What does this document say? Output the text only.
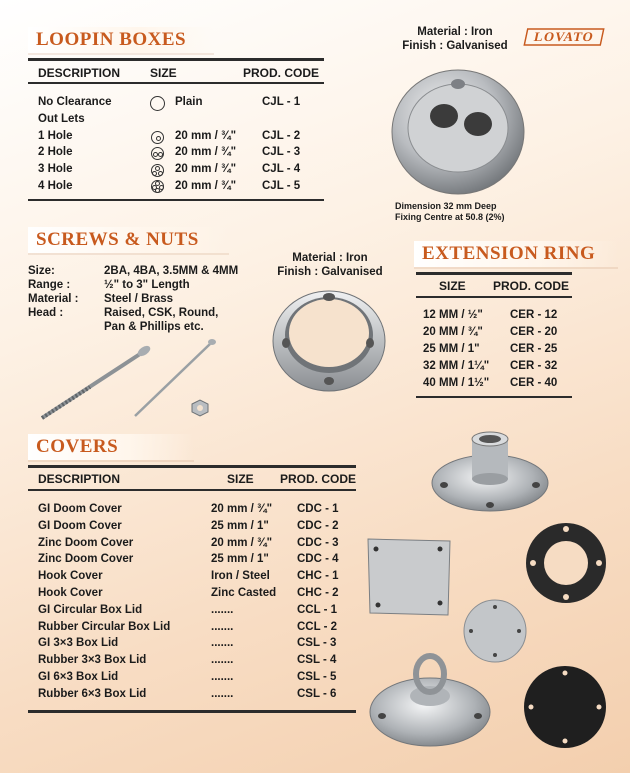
LOOPIN BOXES	Material : Iron
Finish : Galvanised
LOVATO
DESCRIPTION SIZE	PROD. CODE
No Clearance	Plain	CJL - 1
Out Lets
1 Hole	20 mm / ¾" CJL - 2
2 Hole	20 mm / ¾" CJL - 3
3 Hole	20 mm / ¾" CJL - 4
4 Hole	20 mm / ¾" CJL - 5
Dimension 32 mm Deep
Fixing Centre at 50.8 (2%)
SCREWS & NUTS
Size:	2BA, 4BA, 3.5MM & 4MM
Range :	½" to 3" Length
Material : Steel / Brass
Head :	Raised, CSK, Round,
Pan & Phillips etc.
Material : Iron
Finish : Galvanised
EXTENSION RING
SIZE PROD. CODE
12 MM / ½" CER - 12
20 MM / ¾" CER - 20
25 MM / 1"	CER - 25
32 MM / 1¼" CER - 32
40 MM / 1½" CER - 40
COVERS
DESCRIPTION	SIZE PROD. CODE
GI Doom Cover	20 mm / ¾" CDC - 1
GI Doom Cover	25 mm / 1" CDC - 2
Zinc Doom Cover	20 mm / ¾" CDC - 3
Zinc Doom Cover	25 mm / 1" CDC - 4
Hook Cover	Iron / Steel CHC - 1
Hook Cover	Zinc Casted CHC - 2
GI Circular Box Lid	.......	CCL - 1
Rubber Circular Box Lid	.......	CCL - 2
GI 3×3 Box Lid	.......	CSL - 3
Rubber 3×3 Box Lid	.......	CSL - 4
GI 6×3 Box Lid	.......	CSL - 5
Rubber 6×3 Box Lid	.......	CSL - 6
